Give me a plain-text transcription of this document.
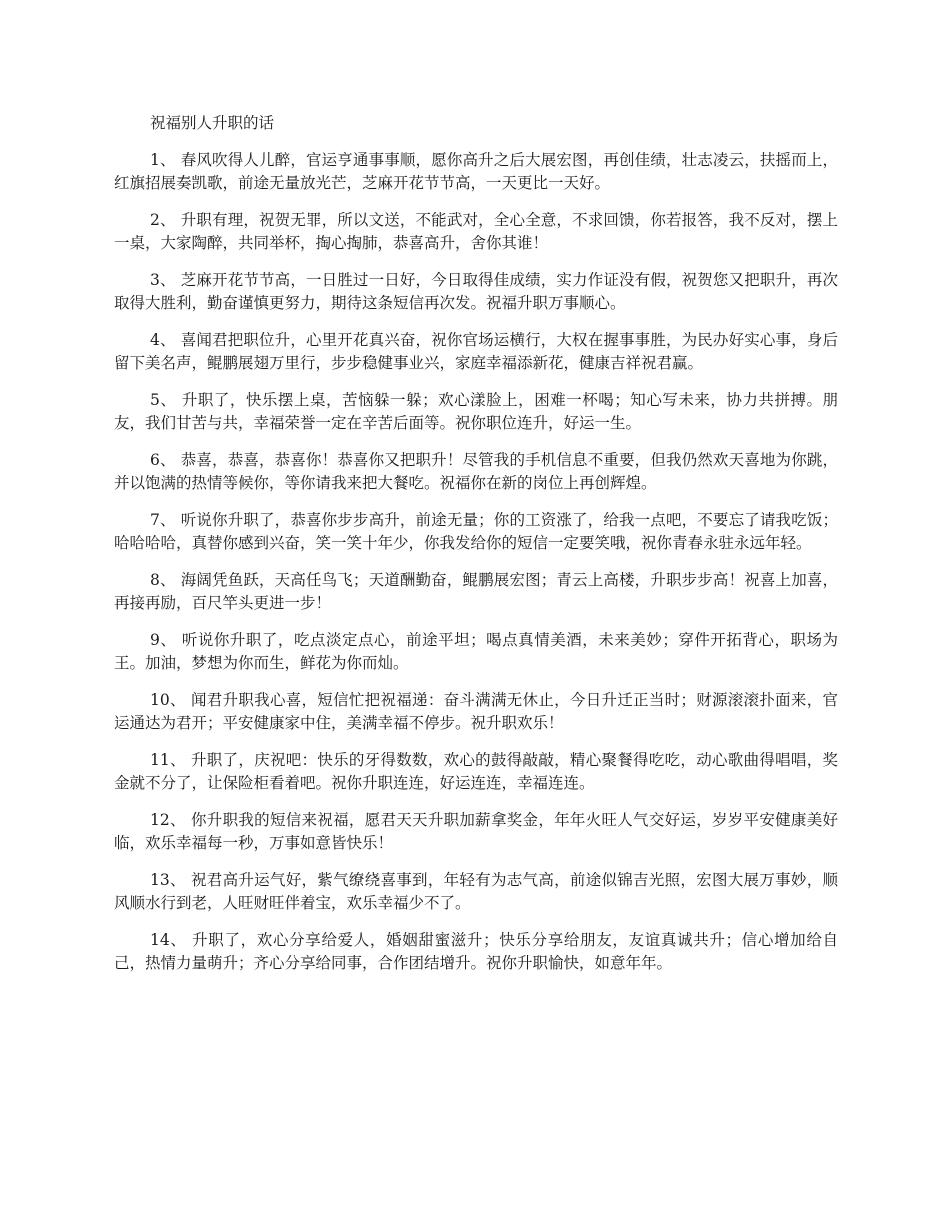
祝福别人升职的话

1、 春风吹得人儿醉，官运亨通事事顺，愿你高升之后大展宏图，再创佳绩，壮志凌云，扶摇而上，红旗招展奏凯歌，前途无量放光芒，芝麻开花节节高，一天更比一天好。

2、 升职有理，祝贺无罪，所以文送，不能武对，全心全意，不求回馈，你若报答，我不反对，摆上一桌，大家陶醉，共同举杯，掏心掏肺，恭喜高升，舍你其谁！

3、 芝麻开花节节高，一日胜过一日好，今日取得佳成绩，实力作证没有假，祝贺您又把职升，再次取得大胜利，勤奋谨慎更努力，期待这条短信再次发。祝福升职万事顺心。

4、 喜闻君把职位升，心里开花真兴奋，祝你官场运横行，大权在握事事胜，为民办好实心事，身后留下美名声，鲲鹏展翅万里行，步步稳健事业兴，家庭幸福添新花，健康吉祥祝君赢。

5、 升职了，快乐摆上桌，苦恼躲一躲；欢心漾脸上，困难一杯喝；知心写未来，协力共拼搏。朋友，我们甘苦与共，幸福荣誉一定在辛苦后面等。祝你职位连升，好运一生。

6、 恭喜，恭喜，恭喜你！恭喜你又把职升！尽管我的手机信息不重要，但我仍然欢天喜地为你跳，并以饱满的热情等候你，等你请我来把大餐吃。祝福你在新的岗位上再创辉煌。

7、 听说你升职了，恭喜你步步高升，前途无量；你的工资涨了，给我一点吧，不要忘了请我吃饭；哈哈哈哈，真替你感到兴奋，笑一笑十年少，你我发给你的短信一定要笑哦，祝你青春永驻永远年轻。

8、 海阔凭鱼跃，天高任鸟飞；天道酬勤奋，鲲鹏展宏图；青云上高楼，升职步步高！祝喜上加喜，再接再励，百尺竿头更进一步！

9、 听说你升职了，吃点淡定点心，前途平坦；喝点真情美酒，未来美妙；穿件开拓背心，职场为王。加油，梦想为你而生，鲜花为你而灿。

10、 闻君升职我心喜，短信忙把祝福递：奋斗满满无休止，今日升迁正当时；财源滚滚扑面来，官运通达为君开；平安健康家中住，美满幸福不停步。祝升职欢乐！

11、 升职了，庆祝吧：快乐的牙得数数，欢心的鼓得敲敲，精心聚餐得吃吃，动心歌曲得唱唱，奖金就不分了，让保险柜看着吧。祝你升职连连，好运连连，幸福连连。

12、 你升职我的短信来祝福，愿君天天升职加薪拿奖金，年年火旺人气交好运，岁岁平安健康美好临，欢乐幸福每一秒，万事如意皆快乐！

13、 祝君高升运气好，紫气缭绕喜事到，年轻有为志气高，前途似锦吉光照，宏图大展万事妙，顺风顺水行到老，人旺财旺伴着宝，欢乐幸福少不了。

14、 升职了，欢心分享给爱人，婚姻甜蜜滋升；快乐分享给朋友，友谊真诚共升；信心增加给自己，热情力量萌升；齐心分享给同事，合作团结增升。祝你升职愉快，如意年年。
